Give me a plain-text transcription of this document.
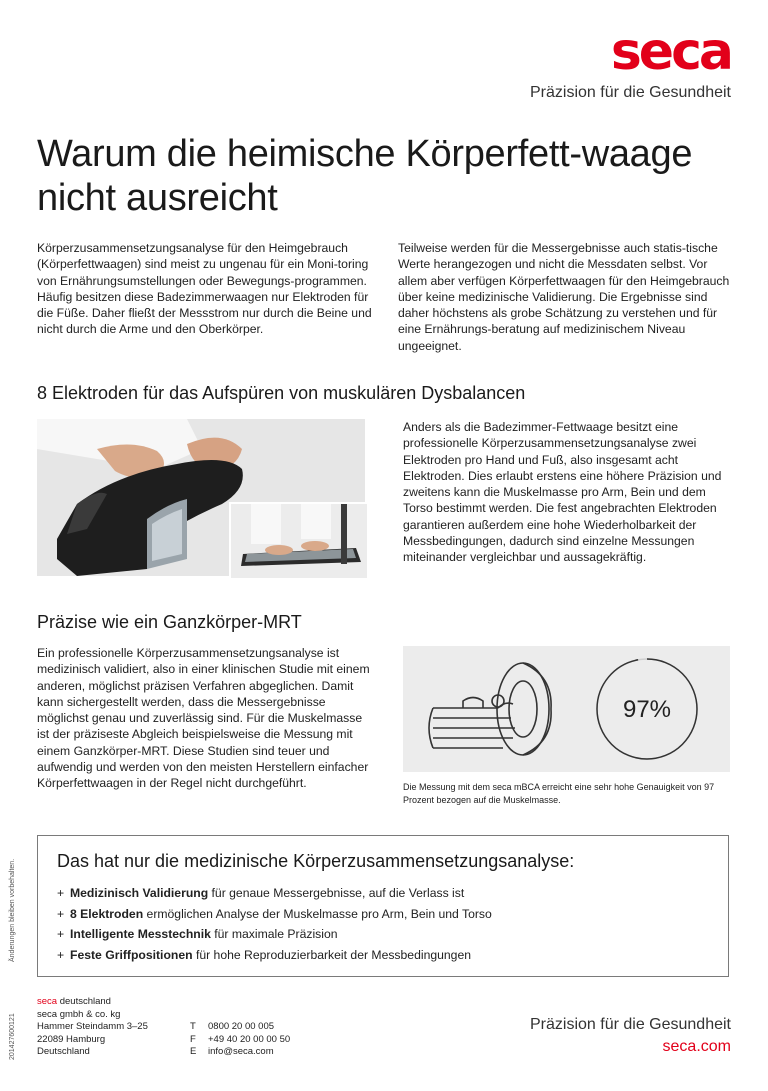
seca
Präzision für die Gesundheit
Warum die heimische Körperfett-waage nicht ausreicht

Körperzusammensetzungsanalyse für den Heimgebrauch (Körperfettwaagen) sind meist zu ungenau für ein Moni-toring von Ernährungsumstellungen oder Bewegungs-programmen. Häufig besitzen diese Badezimmerwaagen nur Elektroden für die Füße. Daher fließt der Messstrom nur durch die Beine und nicht durch die Arme und den Oberkörper.

Teilweise werden für die Messergebnisse auch statis-tische Werte herangezogen und nicht die Messdaten selbst. Vor allem aber verfügen Körperfettwaagen für den Heimgebrauch über keine medizinische Validierung. Die Ergebnisse sind daher höchstens als grobe Schätzung zu verstehen und für eine Ernährungs-beratung auf medizinischem Niveau ungeeignet.

8 Elektroden für das Aufspüren von muskulären Dysbalancen

Anders als die Badezimmer-Fettwaage besitzt eine professionelle Körperzusammensetzungsanalyse zwei Elektroden pro Hand und Fuß, also insgesamt acht Elektroden. Dies erlaubt erstens eine höhere Präzision und zweitens kann die Muskelmasse pro Arm, Bein und dem Torso bestimmt werden. Die fest angebrachten Elektroden garantieren außerdem eine hohe Wiederholbarkeit der Messbedingungen, dadurch sind einzelne Messungen miteinander vergleichbar und aussagekräftig.

Präzise wie ein Ganzkörper-MRT

Ein professionelle Körperzusammensetzungsanalyse ist medizinisch validiert, also in einer klinischen Studie mit einem anderen, möglichst präzisen Verfahren abgeglichen. Damit kann sichergestellt werden, dass die Messergebnisse möglichst genau und zuverlässig sind. Für die Muskelmasse ist der präziseste Abgleich beispielsweise die Messung mit einem Ganzkörper-MRT. Diese Studien sind teuer und aufwendig und werden von den meisten Herstellern einfacher Körperfettwaagen in der Regel nicht durchgeführt.

97%
Die Messung mit dem seca mBCA erreicht eine sehr hohe Genauigkeit von 97 Prozent bezogen auf die Muskelmasse.
Das hat nur die medizinische Körperzusammensetzungsanalyse:
+ Medizinisch Validierung für genaue Messergebnisse, auf die Verlass ist
+ 8 Elektroden ermöglichen Analyse der Muskelmasse pro Arm, Bein und Torso
+ Intelligente Messtechnik für maximale Präzision
+ Feste Griffpositionen für hohe Reproduzierbarkeit der Messbedingungen
Änderungen bleiben vorbehalten.
201427600121
seca deutschland
seca gmbh & co. kg
Hammer Steindamm 3–25
22089 Hamburg
Deutschland
T
F
E
0800 20 00 005
+49 40 20 00 00 50
info@seca.com
Präzision für die Gesundheit
seca.com
